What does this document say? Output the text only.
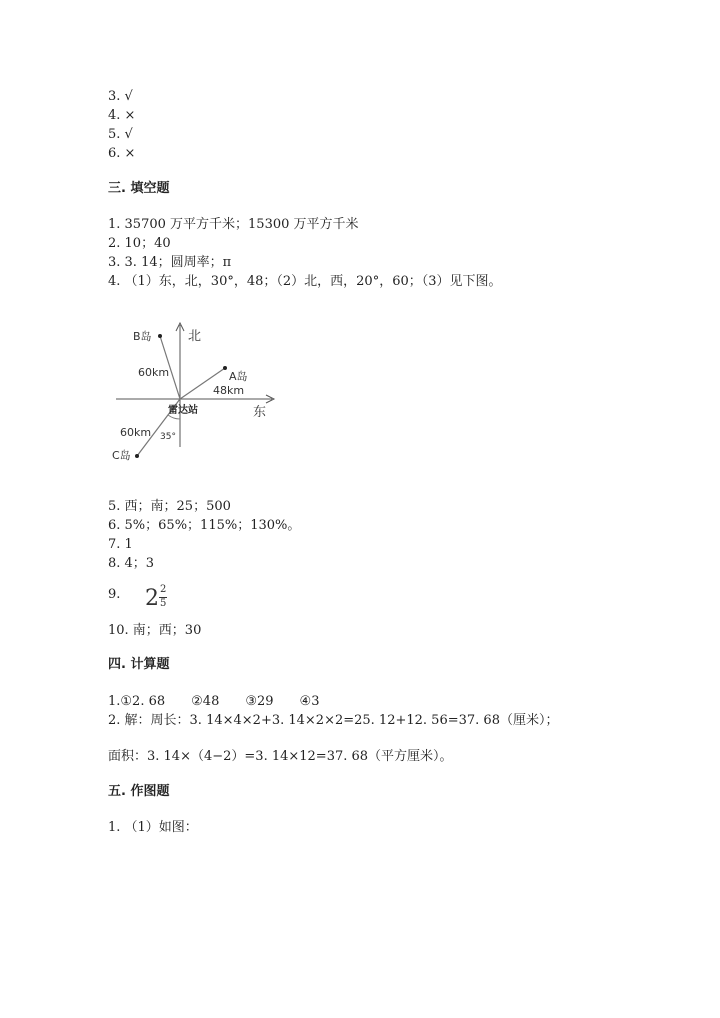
3. √
4. ×
5. √
6. ×
三. 填空题
1. 35700 万平方千米；15300 万平方千米
2. 10；40
3. 3. 14；圆周率；π
4. （1）东，北，30°，48；（2）北，西，20°，60；（3）见下图。
北
东
B岛
60km	A岛
48km
C岛
60km 35°
雷达站
5. 西；南；25；500
6. 5%；65%；115%；130%。
7. 1
8. 4；3
9. 2 2
5
10. 南；西；30
四. 计算题
1.①2. 68 ②48 ③29 ④3
2. 解：周长：3. 14×4×2+3. 14×2×2=25. 12+12. 56=37. 68（厘米）；
面积：3. 14×（4−2）=3. 14×12=37. 68（平方厘米）。
五. 作图题
1. （1）如图：
